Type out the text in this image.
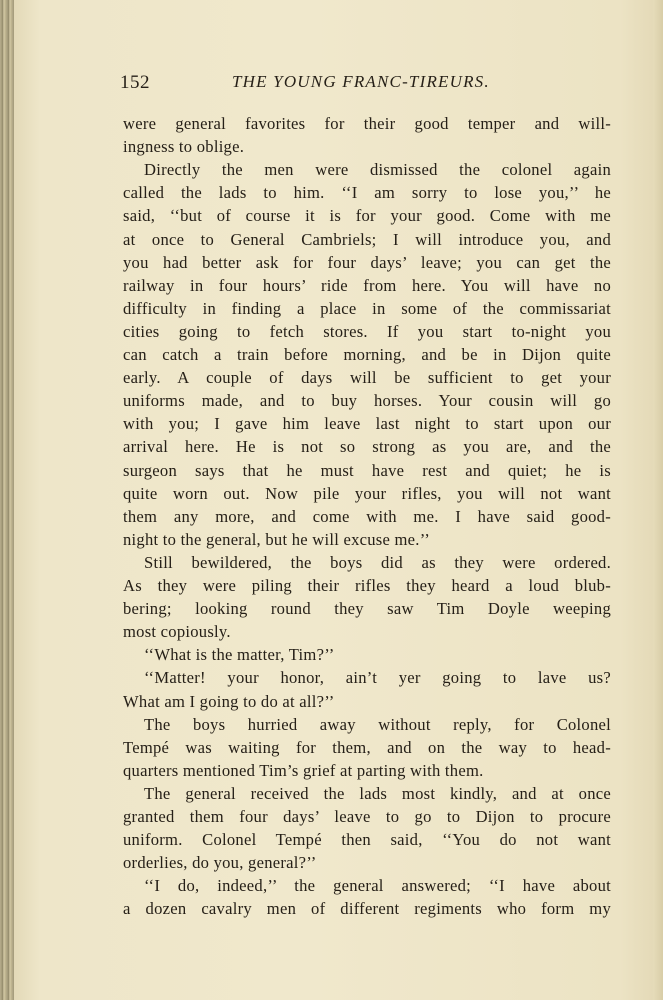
152	THE YOUNG FRANC-TIREURS.
were general favorites for their good temper and will-
ingness to oblige.
Directly the men were dismissed the colonel again
called the lads to him. ‘‘I am sorry to lose you,’’ he
said, ‘‘but of course it is for your good. Come with me
at once to General Cambriels; I will introduce you, and
you had better ask for four days’ leave; you can get the
railway in four hours’ ride from here. You will have no
difficulty in finding a place in some of the commissariat
cities going to fetch stores. If you start to-night you
can catch a train before morning, and be in Dijon quite
early. A couple of days will be sufficient to get your
uniforms made, and to buy horses. Your cousin will go
with you; I gave him leave last night to start upon our
arrival here. He is not so strong as you are, and the
surgeon says that he must have rest and quiet; he is
quite worn out. Now pile your rifles, you will not want
them any more, and come with me. I have said good-
night to the general, but he will excuse me.’’
Still bewildered, the boys did as they were ordered.
As they were piling their rifles they heard a loud blub-
bering; looking round they saw Tim Doyle weeping
most copiously.
‘‘What is the matter, Tim?’’
‘‘Matter! your honor, ain’t yer going to lave us?
What am I going to do at all?’’
The boys hurried away without reply, for Colonel
Tempé was waiting for them, and on the way to head-
quarters mentioned Tim’s grief at parting with them.
The general received the lads most kindly, and at once
granted them four days’ leave to go to Dijon to procure
uniform. Colonel Tempé then said, ‘‘You do not want
orderlies, do you, general?’’
‘‘I do, indeed,’’ the general answered; ‘‘I have about
a dozen cavalry men of different regiments who form my
